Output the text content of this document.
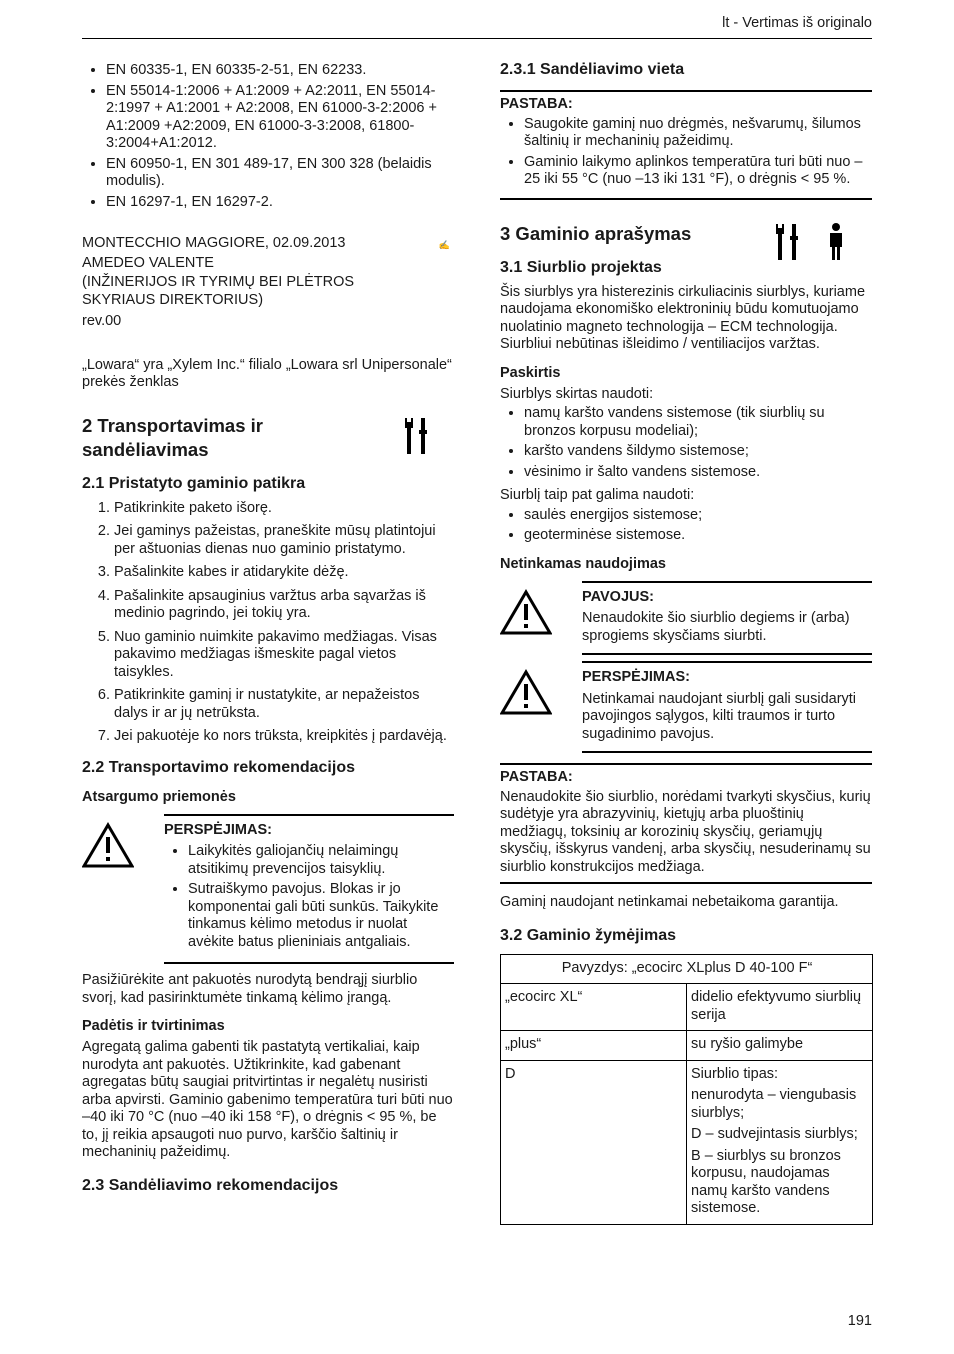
lt - Vertimas iš originalo
• EN 60335-1, EN 60335-2-51, EN 62233.
• EN 55014-1:2006 + A1:2009 + A2:2011, EN 55014-2:1997 + A1:2001 + A2:2008, EN 61000-3-2:2006 + A1:2009 +A2:2009, EN 61000-3-3:2008, 61800-3:2004+A1:2012.
• EN 60950-1, EN 301 489-17, EN 300 328 (belaidis modulis).
• EN 16297-1, EN 16297-2.
MONTECCHIO MAGGIORE, 02.09.2013	✍
AMEDEO VALENTE
(INŽINERIJOS IR TYRIMŲ BEI PLĖTROS SKYRIAUS DIREKTORIUS)
rev.00

„Lowara“ yra „Xylem Inc.“ filialo „Lowara srl Unipersonale“ prekės ženklas

2 Transportavimas ir sandėliavimas
2.1 Pristatyto gaminio patikra
1. Patikrinkite paketo išorę.
2. Jei gaminys pažeistas, praneškite mūsų platintojui per aštuonias dienas nuo gaminio pristatymo.
3. Pašalinkite kabes ir atidarykite dėžę.
4. Pašalinkite apsauginius varžtus arba sąvaržas iš medinio pagrindo, jei tokių yra.
5. Nuo gaminio nuimkite pakavimo medžiagas. Visas pakavimo medžiagas išmeskite pagal vietos taisykles.
6. Patikrinkite gaminį ir nustatykite, ar nepažeistos dalys ir ar jų netrūksta.
7. Jei pakuotėje ko nors trūksta, kreipkitės į pardavėją.
2.2 Transportavimo rekomendacijos
Atsargumo priemonės
PERSPĖJIMAS:
• Laikykitės galiojančių nelaimingų atsitikimų prevencijos taisyklių.
• Sutraiškymo pavojus. Blokas ir jo komponentai gali būti sunkūs. Taikykite tinkamus kėlimo metodus ir nuolat avėkite batus plieniniais antgaliais.

Pasižiūrėkite ant pakuotės nurodytą bendrąjį siurblio svorį, kad pasirinktumėte tinkamą kėlimo įrangą.

Padėtis ir tvirtinimas

Agregatą galima gabenti tik pastatytą vertikaliai, kaip nurodyta ant pakuotės. Užtikrinkite, kad gabenant agregatas būtų saugiai pritvirtintas ir negalėtų nusiristi arba apvirsti. Gaminio gabenimo temperatūra turi būti nuo –40 iki 70 °C (nuo –40 iki 158 °F), o drėgnis < 95 %, be to, jį reikia apsaugoti nuo purvo, karščio šaltinių ir mechaninių pažeidimų.

2.3 Sandėliavimo rekomendacijos
2.3.1 Sandėliavimo vieta
PASTABA:
• Saugokite gaminį nuo drėgmės, nešvarumų, šilumos šaltinių ir mechaninių pažeidimų.
• Gaminio laikymo aplinkos temperatūra turi būti nuo –25 iki 55 °C (nuo –13 iki 131 °F), o drėgnis < 95 %.
3 Gaminio aprašymas
3.1 Siurblio projektas

Šis siurblys yra histerezinis cirkuliacinis siurblys, kuriame naudojama ekonomiško elektroninių būdu komutuojamo nuolatinio magneto technologija – ECM technologija. Siurbliui nebūtinas išleidimo / ventiliacijos varžtas.

Paskirtis

Siurblys skirtas naudoti:

• namų karšto vandens sistemose (tik siurblių su bronzos korpusu modeliai);
• karšto vandens šildymo sistemose;
• vėsinimo ir šalto vandens sistemose.

Siurblį taip pat galima naudoti:

• saulės energijos sistemose;
• geoterminėse sistemose.
Netinkamas naudojimas
PAVOJUS:
Nenaudokite šio siurblio degiems ir (arba) sprogiems skysčiams siurbti.
PERSPĖJIMAS:
Netinkamai naudojant siurblį gali susidaryti pavojingos sąlygos, kilti traumos ir turto sugadinimo pavojus.
PASTABA:
Nenaudokite šio siurblio, norėdami tvarkyti skysčius, kurių sudėtyje yra abrazyvinių, kietųjų arba pluoštinių medžiagų, toksinių ar korozinių skysčių, geriamųjų skysčių, išskyrus vandenį, arba skysčių, nesuderinamų su siurblio konstrukcijos medžiaga.

Gaminį naudojant netinkamai nebetaikoma garantija.

3.2 Gaminio žymėjimas
Pavyzdys: „ecocirc XLplus D 40-100 F“	
„ecocirc XL“	didelio efektyvumo siurblių serija
„plus“	su ryšio galimybe
D	Siurblio tipas:

nenurodyta – viengubasis siurblys;

D – sudvejintasis siurblys;

B – siurblys su bronzos korpusu, naudojamas namų karšto vandens sistemose.

191
